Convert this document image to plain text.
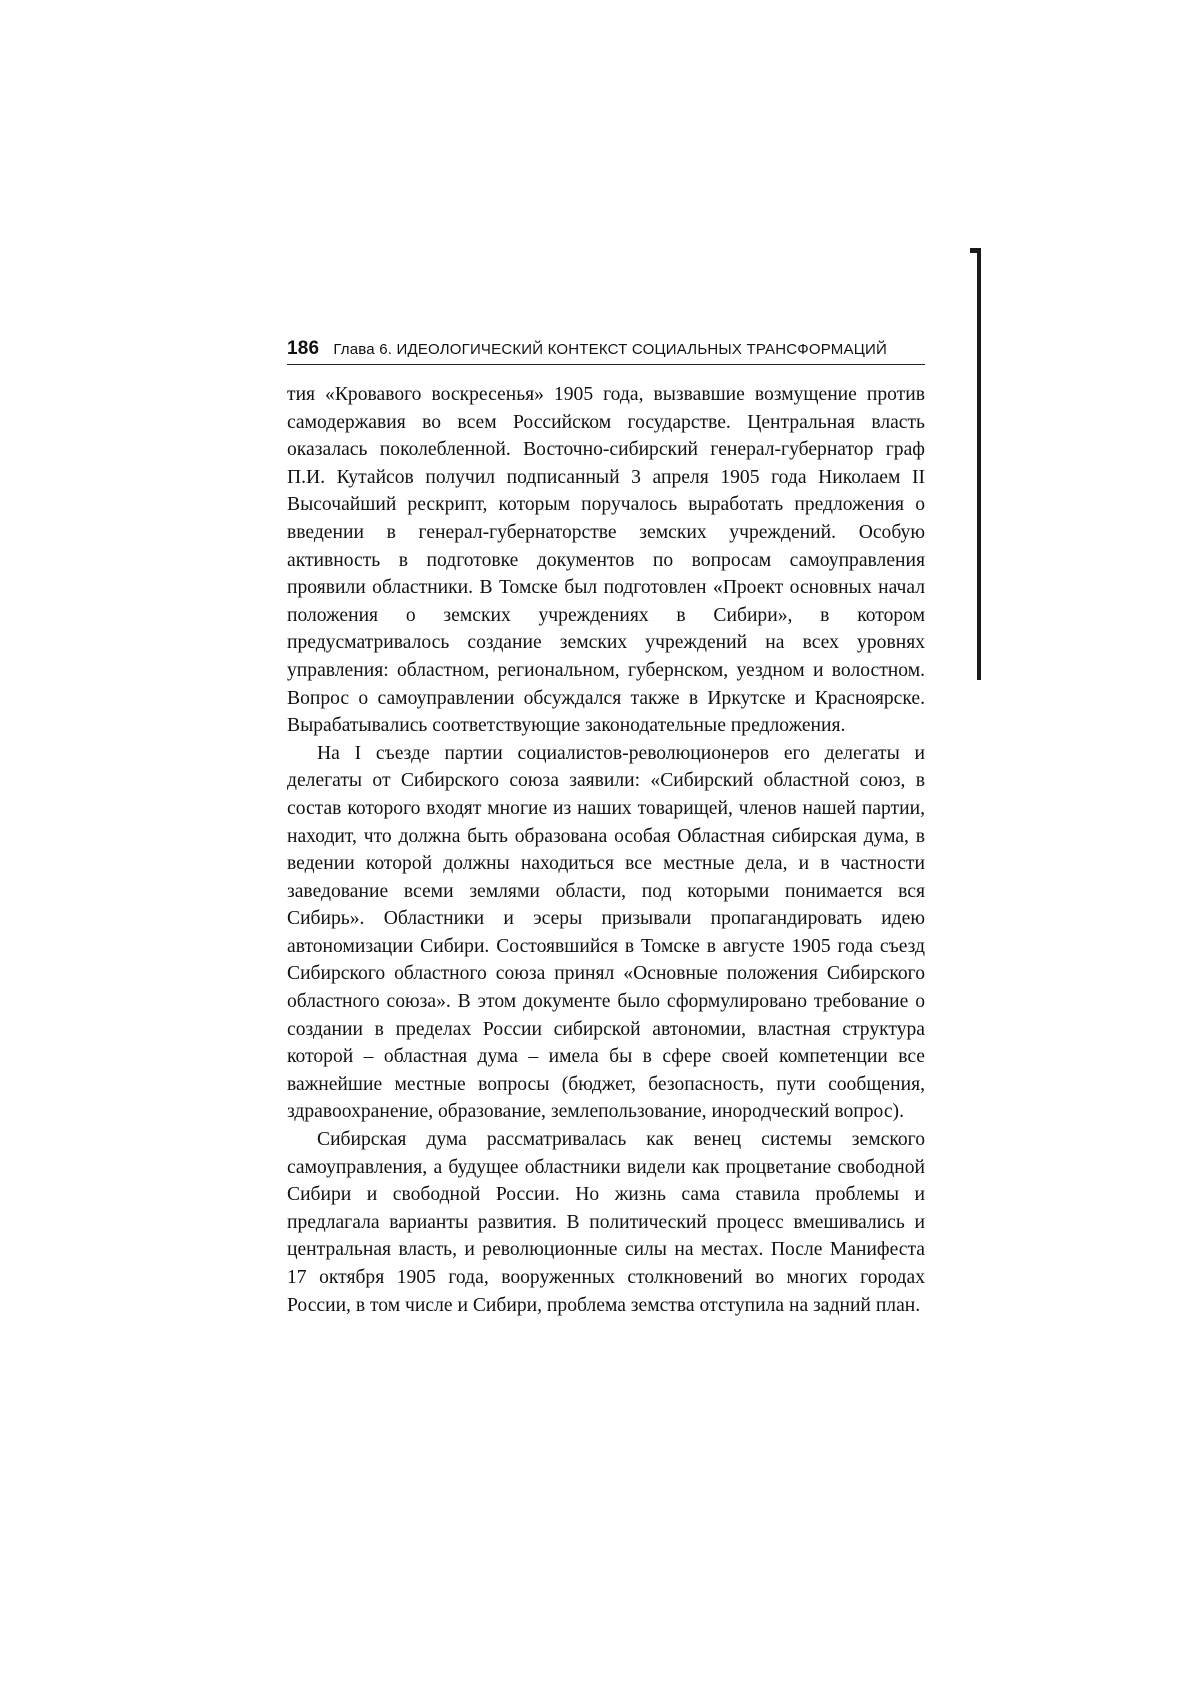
186 Глава 6. ИДЕОЛОГИЧЕСКИЙ КОНТЕКСТ СОЦИАЛЬНЫХ ТРАНСФОРМАЦИЙ

тия «Кровавого воскресенья» 1905 года, вызвавшие возмущение против самодержавия во всем Российском государстве. Центральная власть оказалась поколебленной. Восточно-сибирский генерал-губернатор граф П.И. Кутайсов получил подписанный 3 апреля 1905 года Николаем II Высочайший рескрипт, которым поручалось выработать предложения о введении в генерал-губернаторстве земских учреждений. Особую активность в подготовке документов по вопросам самоуправления проявили областники. В Томске был подготовлен «Проект основных начал положения о земских учреждениях в Сибири», в котором предусматривалось создание земских учреждений на всех уровнях управления: областном, региональном, губернском, уездном и волостном. Вопрос о самоуправлении обсуждался также в Иркутске и Красноярске. Вырабатывались соответствующие законодательные предложения.

На I съезде партии социалистов-революционеров его делегаты и делегаты от Сибирского союза заявили: «Сибирский областной союз, в состав которого входят многие из наших товарищей, членов нашей партии, находит, что должна быть образована особая Областная сибирская дума, в ведении которой должны находиться все местные дела, и в частности заведование всеми землями области, под которыми понимается вся Сибирь». Областники и эсеры призывали пропагандировать идею автономизации Сибири. Состоявшийся в Томске в августе 1905 года съезд Сибирского областного союза принял «Основные положения Сибирского областного союза». В этом документе было сформулировано требование о создании в пределах России сибирской автономии, властная структура которой – областная дума – имела бы в сфере своей компетенции все важнейшие местные вопросы (бюджет, безопасность, пути сообщения, здравоохранение, образование, землепользование, инородческий вопрос).

Сибирская дума рассматривалась как венец системы земского самоуправления, а будущее областники видели как процветание свободной Сибири и свободной России. Но жизнь сама ставила проблемы и предлагала варианты развития. В политический процесс вмешивались и центральная власть, и революционные силы на местах. После Манифеста 17 октября 1905 года, вооруженных столкновений во многих городах России, в том числе и Сибири, проблема земства отступила на задний план.
